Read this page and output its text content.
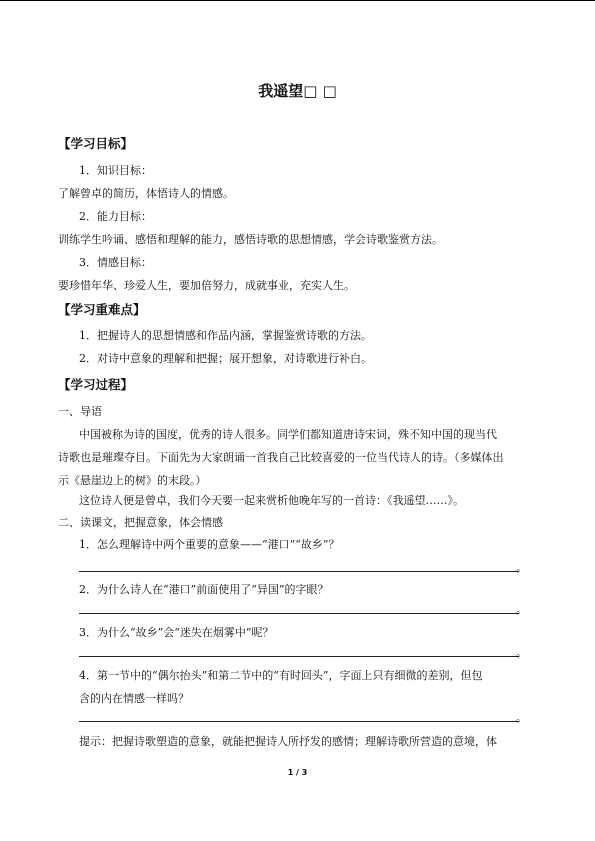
我遥望□ □
【学习目标】
1．知识目标：
了解曾卓的简历，体悟诗人的情感。
2．能力目标：
训练学生吟诵、感悟和理解的能力，感悟诗歌的思想情感，学会诗歌鉴赏方法。
3．情感目标：
要珍惜年华、珍爱人生，要加倍努力，成就事业，充实人生。
【学习重难点】
1．把握诗人的思想情感和作品内涵，掌握鉴赏诗歌的方法。
2．对诗中意象的理解和把握；展开想象，对诗歌进行补白。
【学习过程】
一、导语
中国被称为诗的国度，优秀的诗人很多。同学们都知道唐诗宋词，殊不知中国的现当代
诗歌也是璀璨夺目。下面先为大家朗诵一首我自己比较喜爱的一位当代诗人的诗。（多媒体出
示《悬崖边上的树》的末段。）
这位诗人便是曾卓，我们今天要一起来赏析他晚年写的一首诗：《我遥望……》。
二、读课文，把握意象，体会情感
1．怎么理解诗中两个重要的意象——“港口”“故乡”？
。
2．为什么诗人在“港口”前面使用了“异国”的字眼？
。
3．为什么“故乡”会“迷失在烟雾中”呢？
。
4．第一节中的“偶尔抬头”和第二节中的“有时回头”，字面上只有细微的差别，但包
含的内在情感一样吗？
。
提示：把握诗歌塑造的意象，就能把握诗人所抒发的感情；理解诗歌所营造的意境，体
1 / 3
